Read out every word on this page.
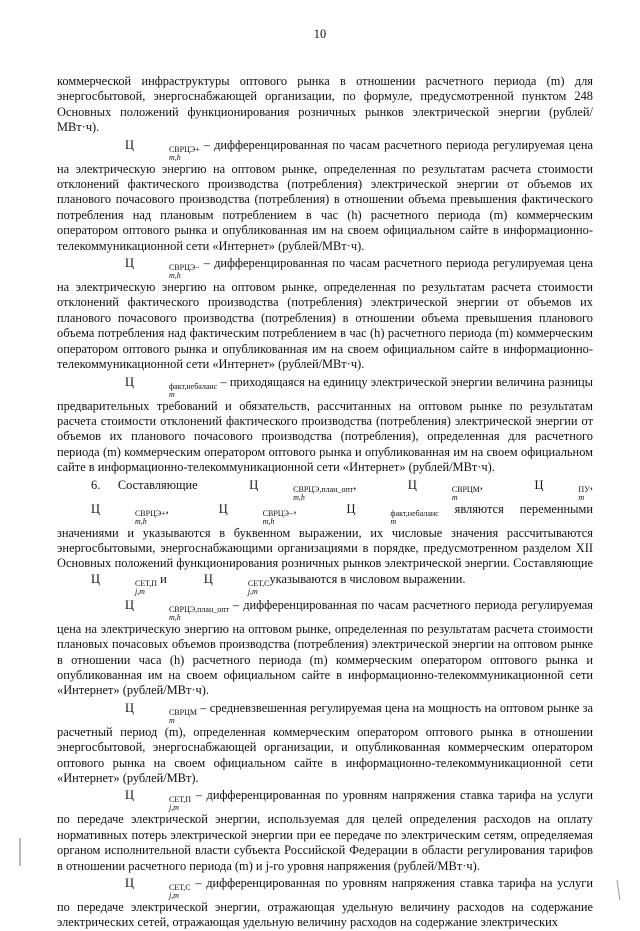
10

коммерческой инфраструктуры оптового рынка в отношении расчетного периода (m) для энергосбытовой, энергоснабжающей организации, по формуле, предусмотренной пунктом 248 Основных положений функционирования розничных рынков электрической энергии (рублей/МВт·ч).

Ц	СВРЦЭ+
m,h
– дифференцированная по часам расчетного периода регулируемая цена на электрическую энергию на оптовом рынке, определенная по результатам расчета стоимости отклонений фактического производства (потребления) электрической энергии от объемов их планового почасового производства (потребления) в отношении объема превышения фактического потребления над плановым потреблением в час (h) расчетного периода (m) коммерческим оператором оптового рынка и опубликованная им на своем официальном сайте в информационно-телекоммуникационной сети «Интернет» (рублей/МВт·ч).

Ц	СВРЦЭ−
m,h
– дифференцированная по часам расчетного периода регулируемая цена на электрическую энергию на оптовом рынке, определенная по результатам расчета стоимости отклонений фактического производства (потребления) электрической энергии от объемов их планового почасового производства (потребления) в отношении объема превышения планового объема потребления над фактическим потреблением в час (h) расчетного периода (m) коммерческим оператором оптового рынка и опубликованная им на своем официальном сайте в информационно-телекоммуникационной сети «Интернет» (рублей/МВт·ч).

Ц	факт,небаланс
m
– приходящаяся на единицу электрической энергии величина разницы предварительных требований и обязательств, рассчитанных на оптовом рынке по результатам расчета стоимости отклонений фактического производства (потребления) электрической энергии от объемов их планового почасового производства (потребления), определенная для расчетного периода (m) коммерческим оператором оптового рынка и опубликованная им на своем официальном сайте в информационно-телекоммуникационной сети «Интернет» (рублей/МВт·ч).

6. Составляющие	Ц	СВРЦЭ,план_опт
m,h
,	Ц	СВРЦМ
m
,	Ц	ПУ
m
, Ц	СВРЦЭ+
m,h
,	Ц	СВРЦЭ−
m,h
,	Ц	факт,небаланс
m
являются переменными значениями и указываются в буквенном выражении, их числовые значения рассчитываются энергосбытовыми, энергоснабжающими организациями в порядке, предусмотренном разделом XII Основных положений функционирования розничных рынков электрической энергии. Составляющие Ц	СЕТ,П
j,m
и	Ц	СЕТ,С
j,m
указываются в числовом выражении.

Ц	СВРЦЭ,план_опт
m,h
– дифференцированная по часам расчетного периода регулируемая цена на электрическую энергию на оптовом рынке, определенная по результатам расчета стоимости плановых почасовых объемов производства (потребления) электрической энергии на оптовом рынке в отношении часа (h) расчетного периода (m) коммерческим оператором оптового рынка и опубликованная им на своем официальном сайте в информационно-телекоммуникационной сети «Интернет» (рублей/МВт·ч).

Ц	СВРЦМ
m
– средневзвешенная регулируемая цена на мощность на оптовом рынке за расчетный период (m), определенная коммерческим оператором оптового рынка в отношении энергосбытовой, энергоснабжающей организации, и опубликованная коммерческим оператором оптового рынка на своем официальном сайте в информационно-телекоммуникационной сети «Интернет» (рублей/МВт).

Ц	СЕТ,П
j,m
– дифференцированная по уровням напряжения ставка тарифа на услуги по передаче электрической энергии, используемая для целей определения расходов на оплату нормативных потерь электрической энергии при ее передаче по электрическим сетям, определяемая органом исполнительной власти субъекта Российской Федерации в области регулирования тарифов в отношении расчетного периода (m) и j-го уровня напряжения (рублей/МВт·ч).

Ц	СЕТ,С
j,m
– дифференцированная по уровням напряжения ставка тарифа на услуги по передаче электрической энергии, отражающая удельную величину расходов на содержание электрических сетей, отражающая удельную величину расходов на содержание электрических
